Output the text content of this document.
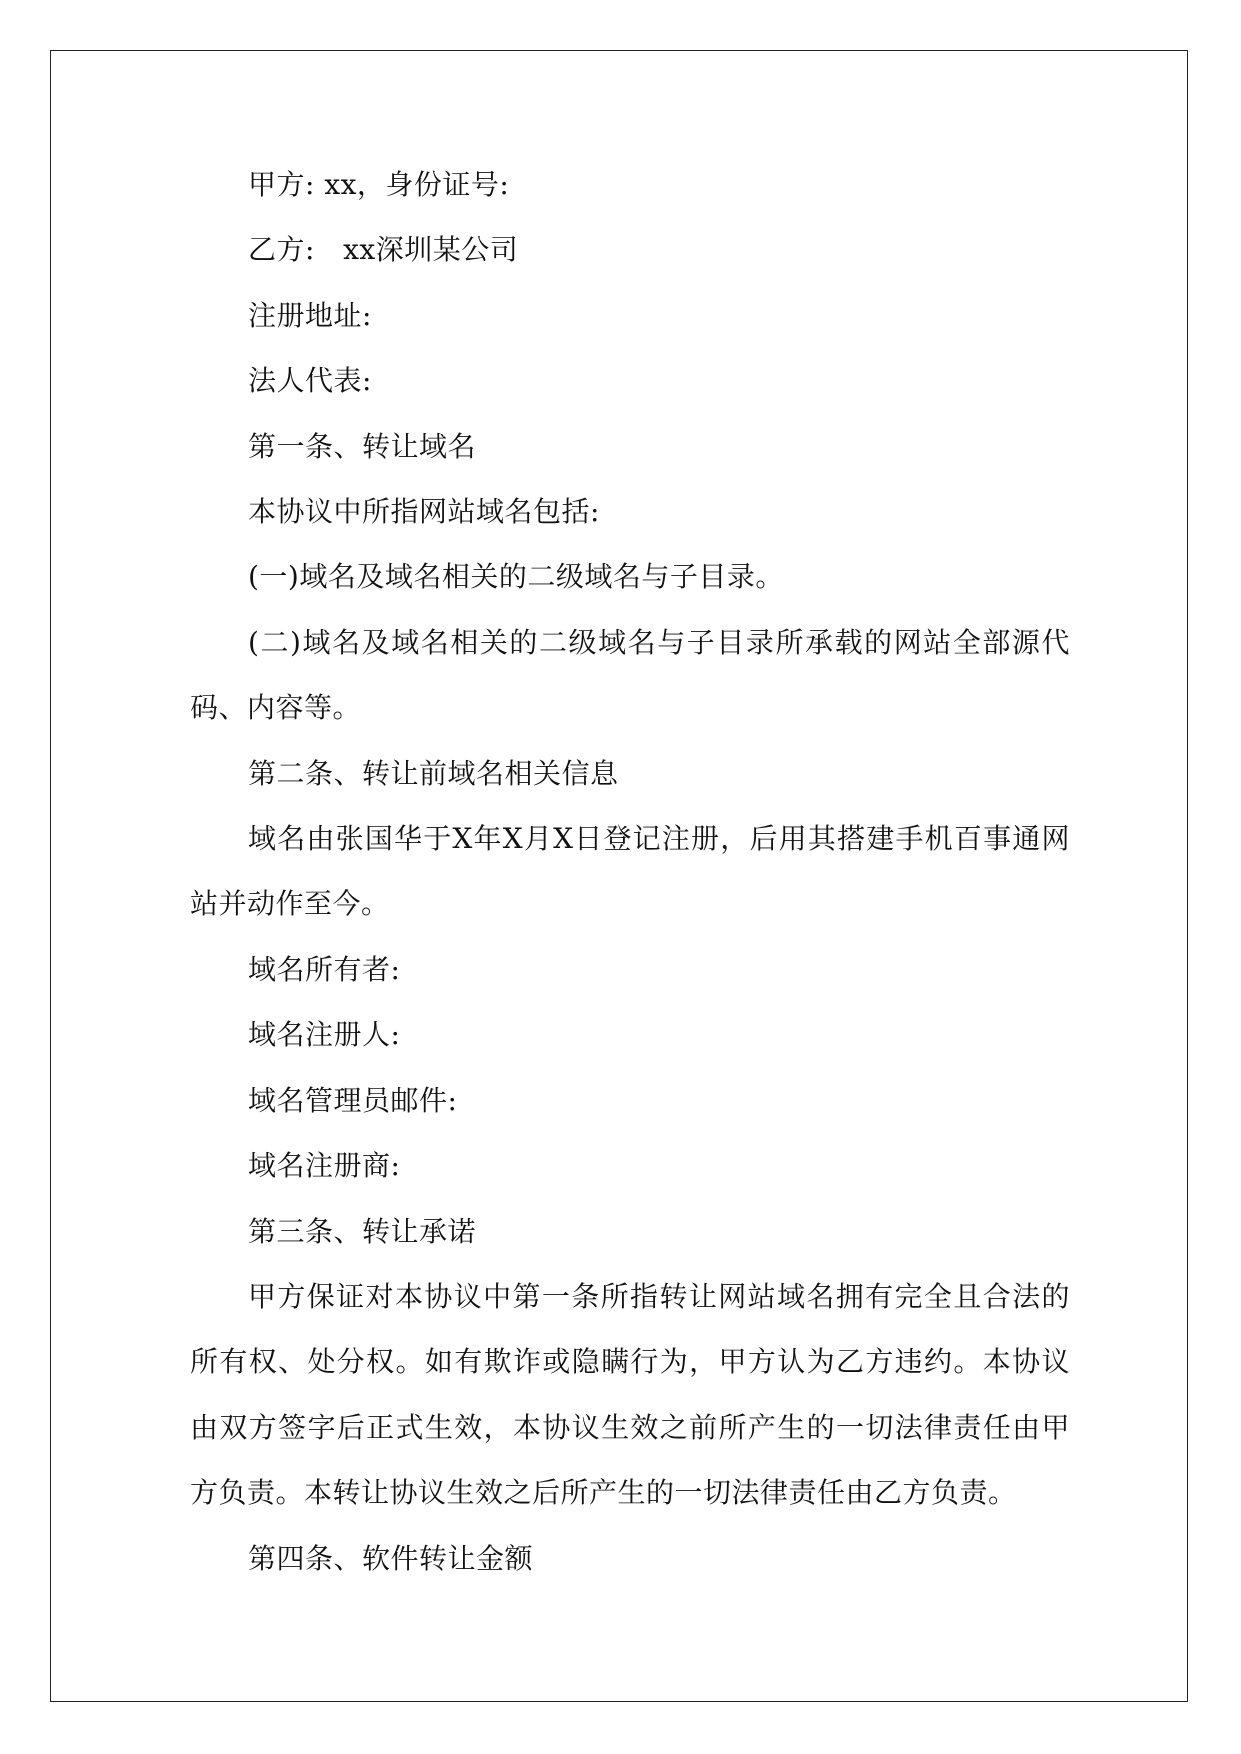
甲方: xx，身份证号:

乙方:   xx深圳某公司

注册地址:

法人代表:

第一条、转让域名

本协议中所指网站域名包括:

(一)域名及域名相关的二级域名与子目录。

(二)域名及域名相关的二级域名与子目录所承载的网站全部源代码、内容等。

第二条、转让前域名相关信息

域名由张国华于X年X月X日登记注册，后用其搭建手机百事通网站并动作至今。

域名所有者:

域名注册人:

域名管理员邮件:

域名注册商:

第三条、转让承诺

甲方保证对本协议中第一条所指转让网站域名拥有完全且合法的所有权、处分权。如有欺诈或隐瞒行为，甲方认为乙方违约。本协议由双方签字后正式生效，本协议生效之前所产生的一切法律责任由甲方负责。本转让协议生效之后所产生的一切法律责任由乙方负责。

第四条、软件转让金额
